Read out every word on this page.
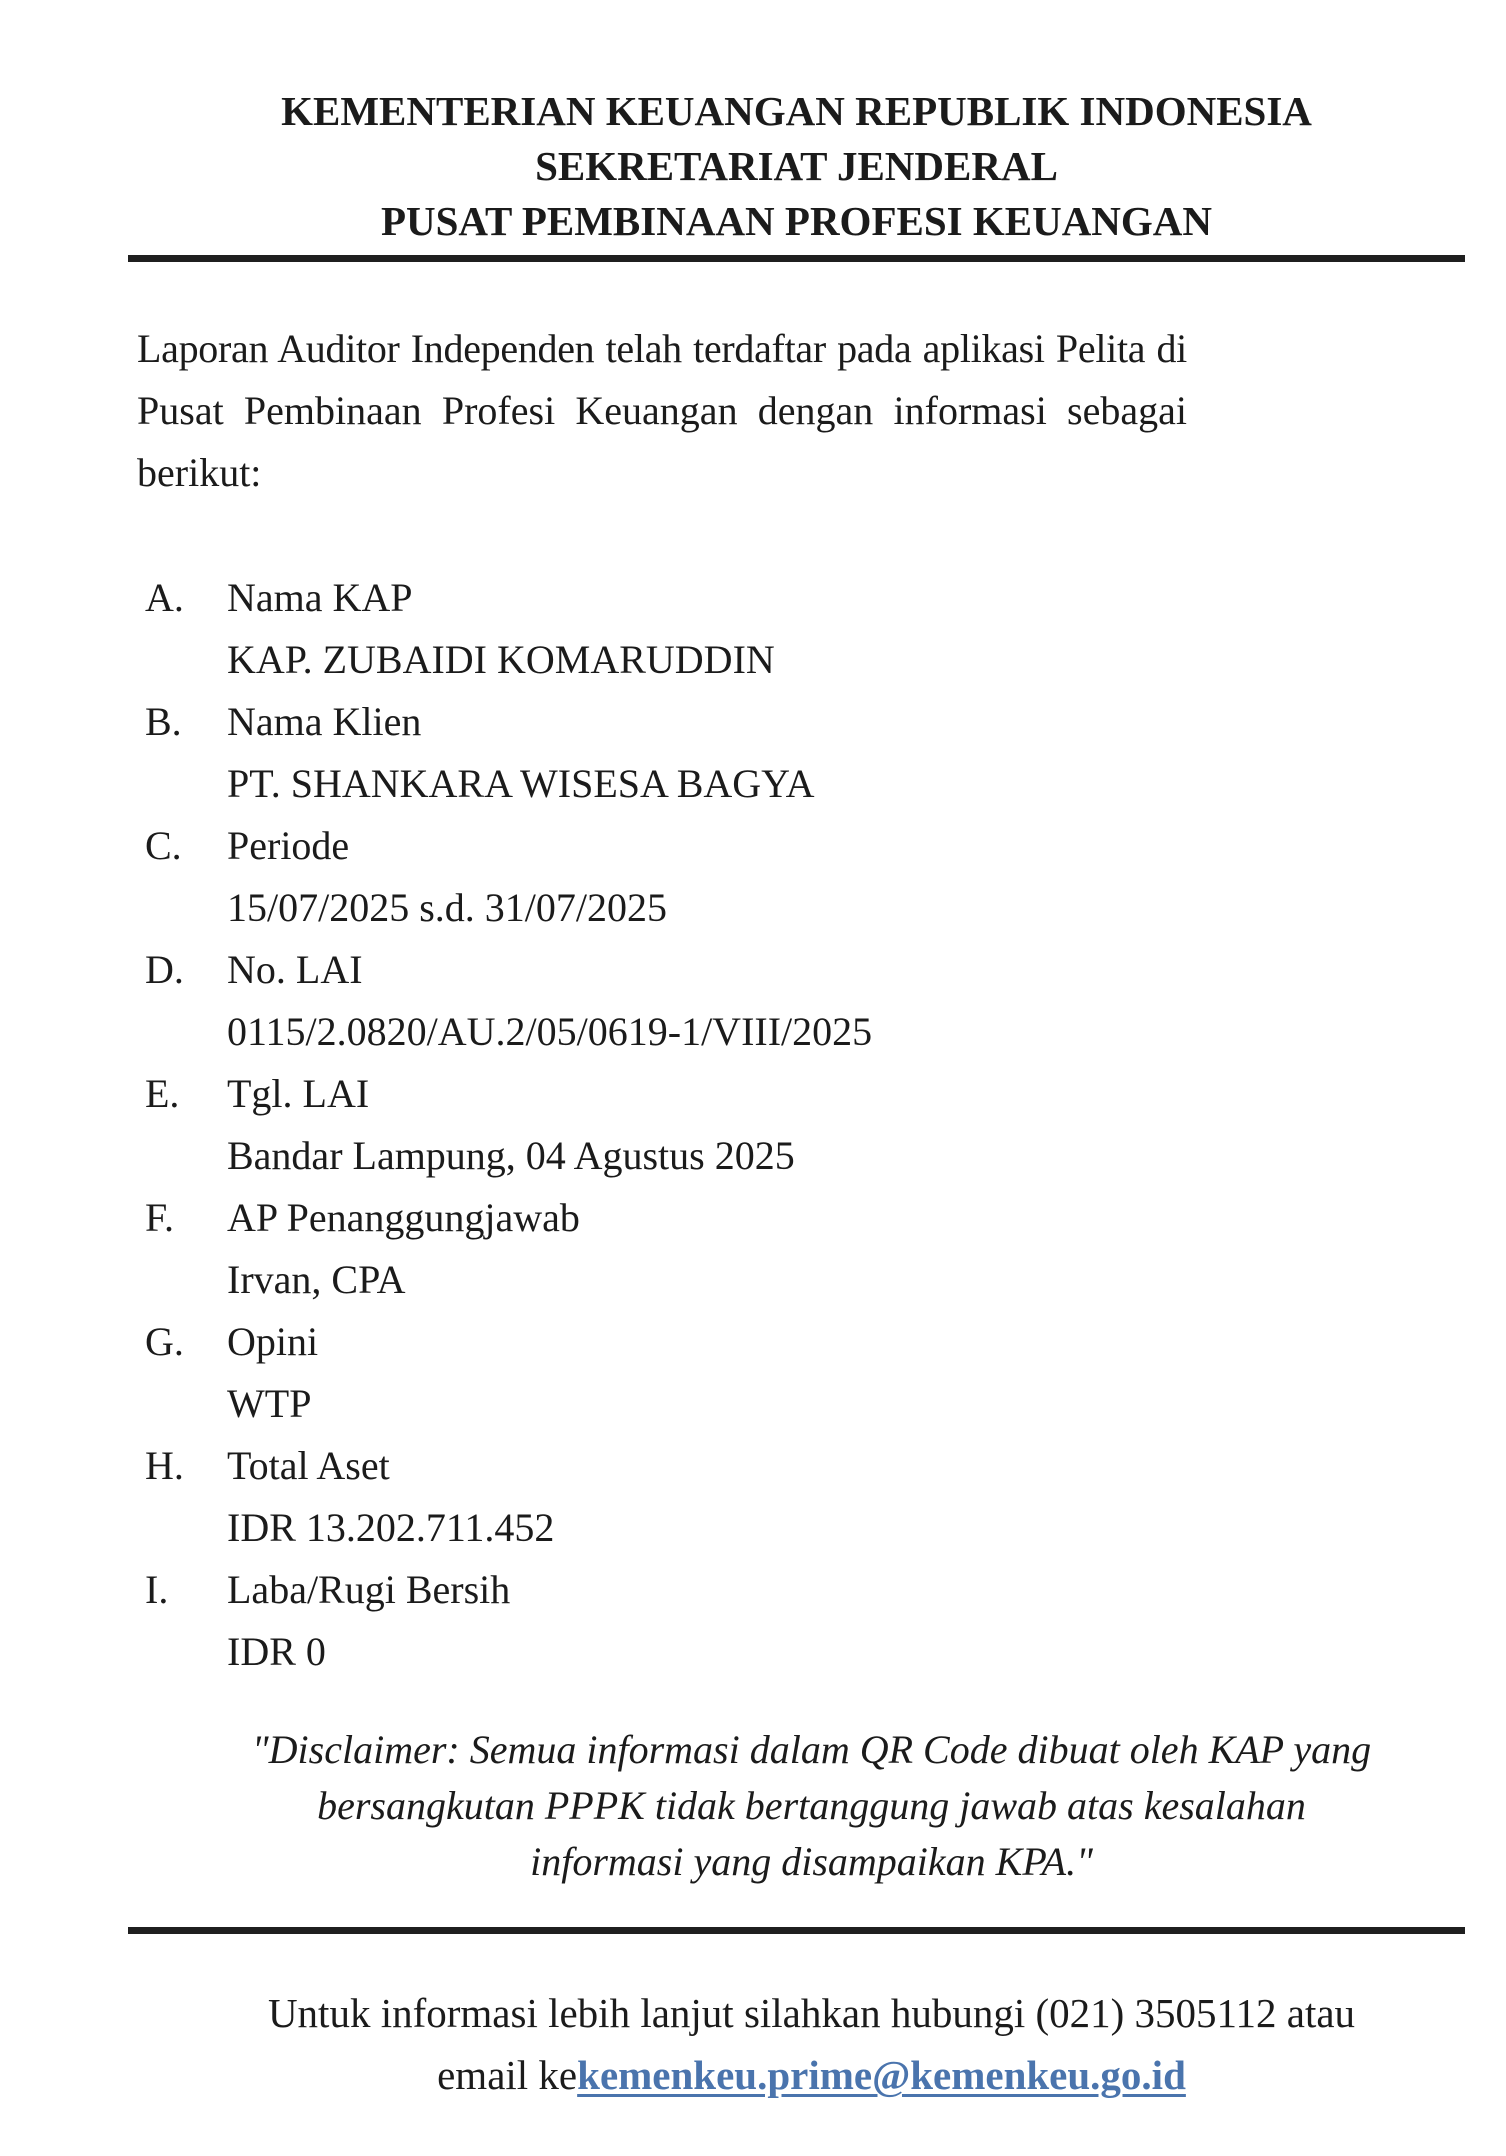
KEMENTERIAN KEUANGAN REPUBLIK INDONESIA
SEKRETARIAT JENDERAL
PUSAT PEMBINAAN PROFESI KEUANGAN
Laporan Auditor Independen telah terdaftar pada aplikasi Pelita di
Pusat Pembinaan Profesi Keuangan dengan informasi sebagai
berikut:
A.	Nama KAP
KAP. ZUBAIDI KOMARUDDIN
B.	Nama Klien
PT. SHANKARA WISESA BAGYA
C.	Periode
15/07/2025 s.d. 31/07/2025
D.	No. LAI
0115/2.0820/AU.2/05/0619-1/VIII/2025
E.	Tgl. LAI
Bandar Lampung, 04 Agustus 2025
F.	AP Penanggungjawab
Irvan, CPA
G.	Opini
WTP
H.	Total Aset
IDR 13.202.711.452
I.	Laba/Rugi Bersih
IDR 0
"Disclaimer: Semua informasi dalam QR Code dibuat oleh KAP yang
bersangkutan PPPK tidak bertanggung jawab atas kesalahan
informasi yang disampaikan KPA."
Untuk informasi lebih lanjut silahkan hubungi (021) 3505112 atau
email kekemenkeu.prime@kemenkeu.go.id
